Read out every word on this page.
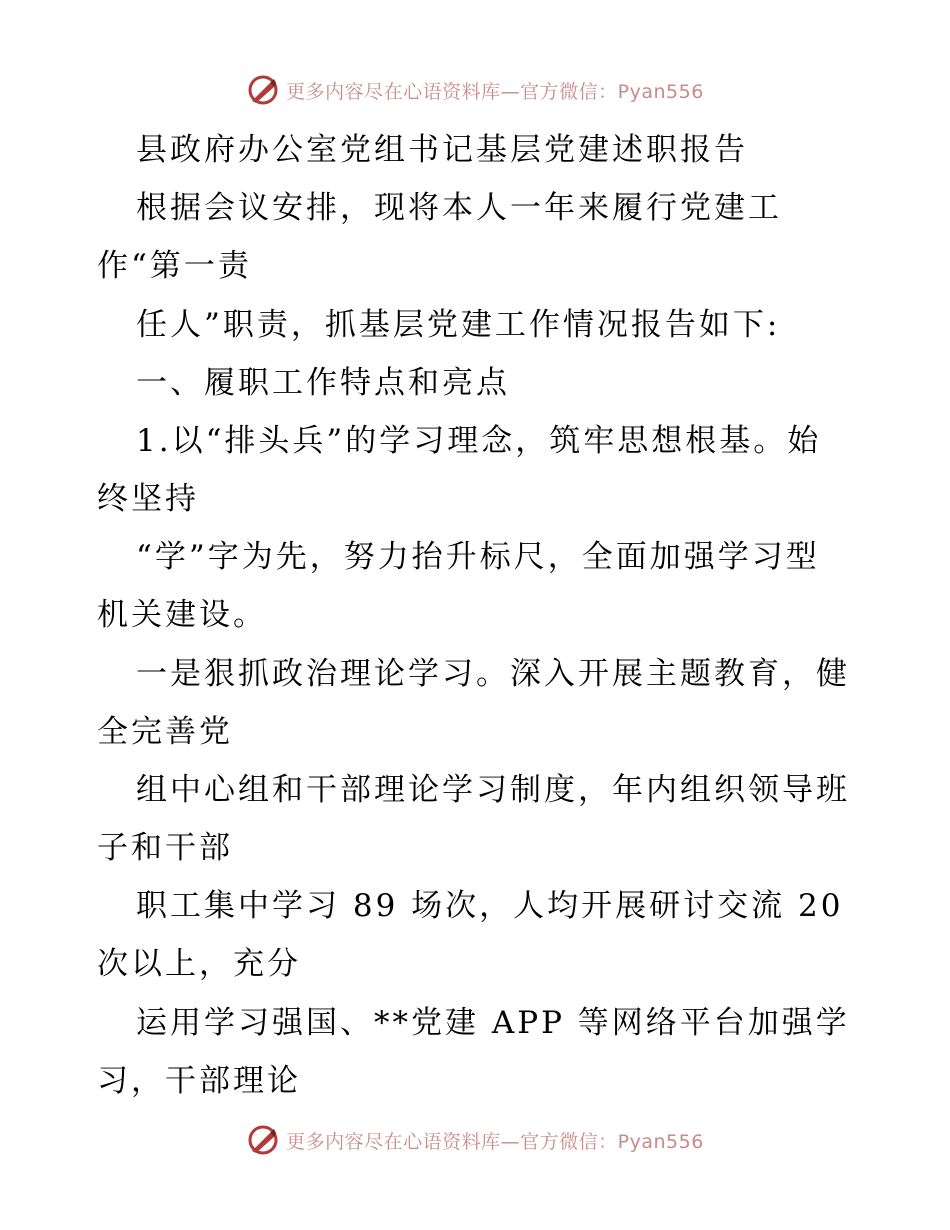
更多内容尽在心语资料库—官方微信：Pyan556
县政府办公室党组书记基层党建述职报告
根据会议安排，现将本人一年来履行党建工
作“第一责
任人”职责，抓基层党建工作情况报告如下:
一、履职工作特点和亮点
1.以“排头兵”的学习理念，筑牢思想根基。始
终坚持
“学”字为先，努力抬升标尺，全面加强学习型
机关建设。
一是狠抓政治理论学习。深入开展主题教育，健
全完善党
组中心组和干部理论学习制度，年内组织领导班
子和干部
职工集中学习 89 场次，人均开展研讨交流 20
次以上，充分
运用学习强国、**党建 APP 等网络平台加强学
习，干部理论
更多内容尽在心语资料库—官方微信：Pyan556
